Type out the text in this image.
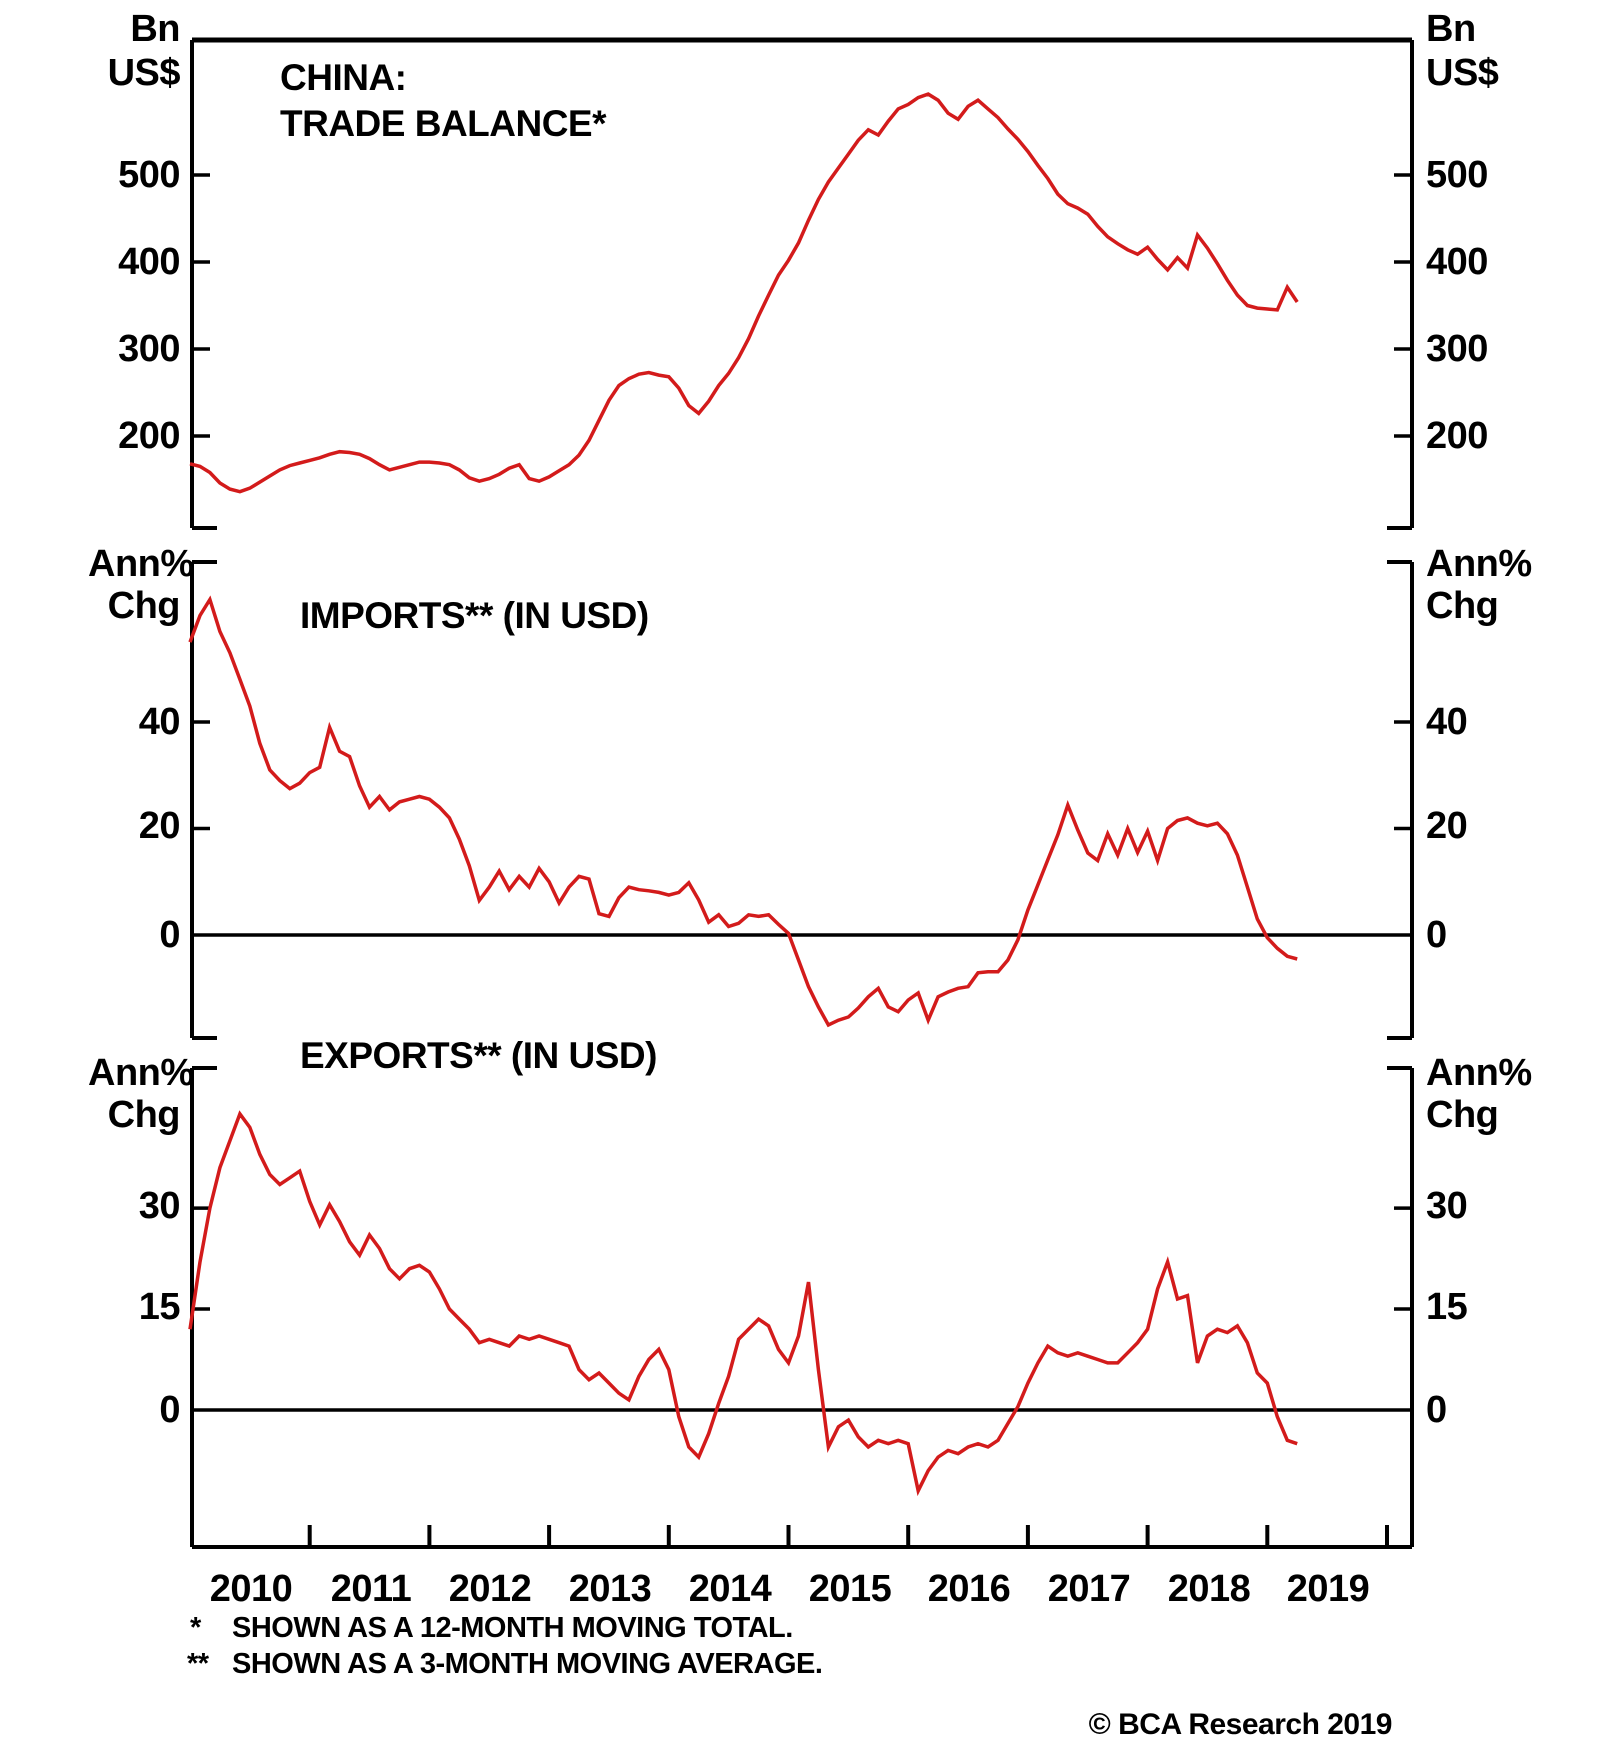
Bn
US$
500
400
300
200
Bn
US$
500
400
300
200
CHINA:
TRADE BALANCE*
Ann%
Chg
40
20
0
Ann%
Chg
40
20
0
IMPORTS** (IN USD)
Ann%
Chg
30
15
0
Ann%
Chg
30
15
0
EXPORTS** (IN USD)
2010	2011 2012 2013 2014 2015 2016 2017 2018 2019
* SHOWN AS A 12-MONTH MOVING TOTAL.
** SHOWN AS A 3-MONTH MOVING AVERAGE.
© BCA Research 2019
